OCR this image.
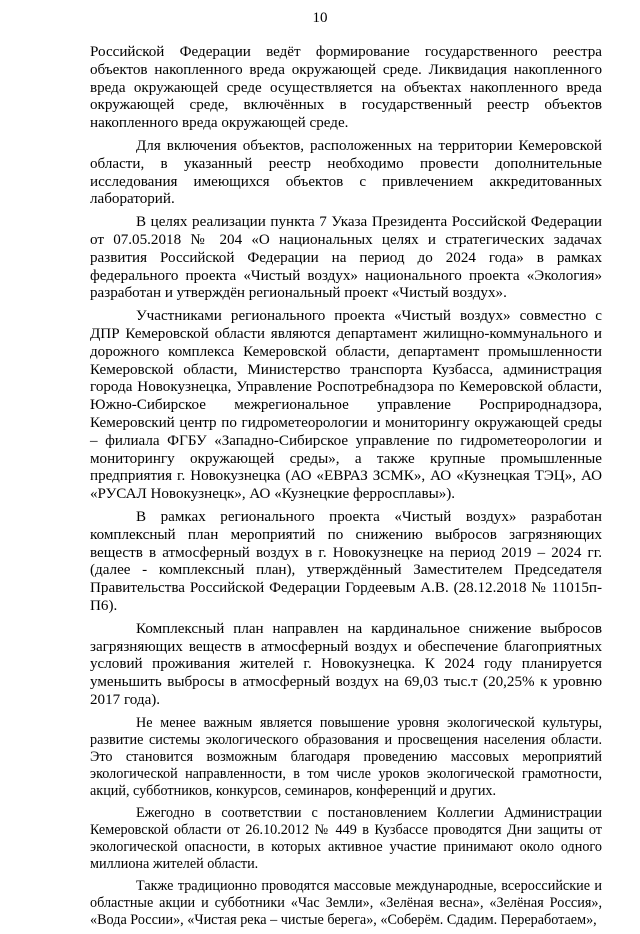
10

Российской Федерации ведёт формирование государственного реестра объектов накопленного вреда окружающей среде. Ликвидация накопленного вреда окружающей среде осуществляется на объектах накопленного вреда окружающей среде, включённых в государственный реестр объектов накопленного вреда окружающей среде.

Для включения объектов, расположенных на территории Кемеровской области, в указанный реестр необходимо провести дополнительные исследования имеющихся объектов с привлечением аккредитованных лабораторий.

В целях реализации пункта 7 Указа Президента Российской Федерации от 07.05.2018 № 204 «О национальных целях и стратегических задачах развития Российской Федерации на период до 2024 года» в рамках федерального проекта «Чистый воздух» национального проекта «Экология» разработан и утверждён региональный проект «Чистый воздух».

Участниками регионального проекта «Чистый воздух» совместно с ДПР Кемеровской области являются департамент жилищно-коммунального и дорожного комплекса Кемеровской области, департамент промышленности Кемеровской области, Министерство транспорта Кузбасса, администрация города Новокузнецка, Управление Роспотребнадзора по Кемеровской области, Южно-Сибирское межрегиональное управление Росприроднадзора, Кемеровский центр по гидрометеорологии и мониторингу окружающей среды – филиала ФГБУ «Западно-Сибирское управление по гидрометеорологии и мониторингу окружающей среды», а также крупные промышленные предприятия г. Новокузнецка (АО «ЕВРАЗ ЗСМК», АО «Кузнецкая ТЭЦ», АО «РУСАЛ Новокузнецк», АО «Кузнецкие ферросплавы»).

В рамках регионального проекта «Чистый воздух» разработан комплексный план мероприятий по снижению выбросов загрязняющих веществ в атмосферный воздух в г. Новокузнецке на период 2019 – 2024 гг. (далее - комплексный план), утверждённый Заместителем Председателя Правительства Российской Федерации Гордеевым А.В. (28.12.2018 № 11015п-П6).

Комплексный план направлен на кардинальное снижение выбросов загрязняющих веществ в атмосферный воздух и обеспечение благоприятных условий проживания жителей г. Новокузнецка. К 2024 году планируется уменьшить выбросы в атмосферный воздух на 69,03 тыс.т (20,25% к уровню 2017 года).

Не менее важным является повышение уровня экологической культуры, развитие системы экологического образования и просвещения населения области. Это становится возможным благодаря проведению массовых мероприятий экологической направленности, в том числе уроков экологической грамотности, акций, субботников, конкурсов, семинаров, конференций и других.

Ежегодно в соответствии с постановлением Коллегии Администрации Кемеровской области от 26.10.2012 № 449 в Кузбассе проводятся Дни защиты от экологической опасности, в которых активное участие принимают около одного миллиона жителей области.

Также традиционно проводятся массовые международные, всероссийские и областные акции и субботники «Час Земли», «Зелёная весна», «Зелёная Россия», «Вода России», «Чистая река – чистые берега», «Соберём. Сдадим. Переработаем»,
